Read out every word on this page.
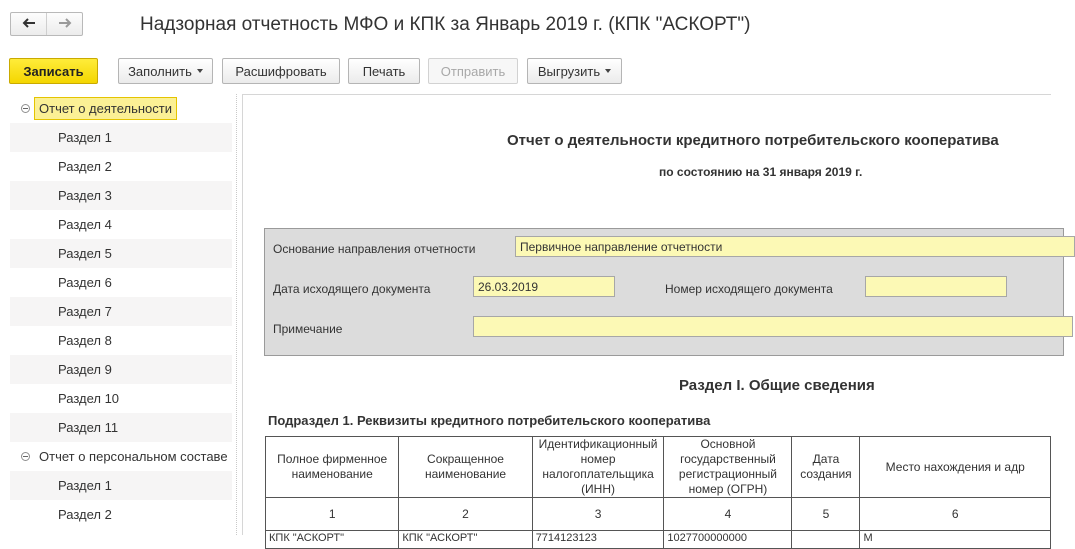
Надзорная отчетность МФО и КПК за Январь 2019 г. (КПК "АСКОРТ")
Записать	Заполнить	Расшифровать	Печать	Отправить	Выгрузить
Отчет о деятельности
Раздел 1
Раздел 2
Раздел 3
Раздел 4
Раздел 5
Раздел 6
Раздел 7
Раздел 8
Раздел 9
Раздел 10
Раздел 11
Отчет о персональном составе
Раздел 1
Раздел 2
Отчет о деятельности кредитного потребительского кооператива
по состоянию на 31 января 2019 г.
Основание направления отчетности	Первичное направление отчетности
Дата исходящего документа	26.03.2019	Номер исходящего документа
Примечание
Раздел I. Общие сведения
Подраздел 1. Реквизиты кредитного потребительского кооператива
Полное фирменное наименование	Сокращенное наименование	Идентификационный номер налогоплательщика (ИНН)	Основной государственный регистрационный номер (ОГРН)	Дата создания	Место нахождения и адр
1	2	3	4	5	6
КПК "АСКОРТ"	КПК "АСКОРТ"	7714123123	1027700000000		М
